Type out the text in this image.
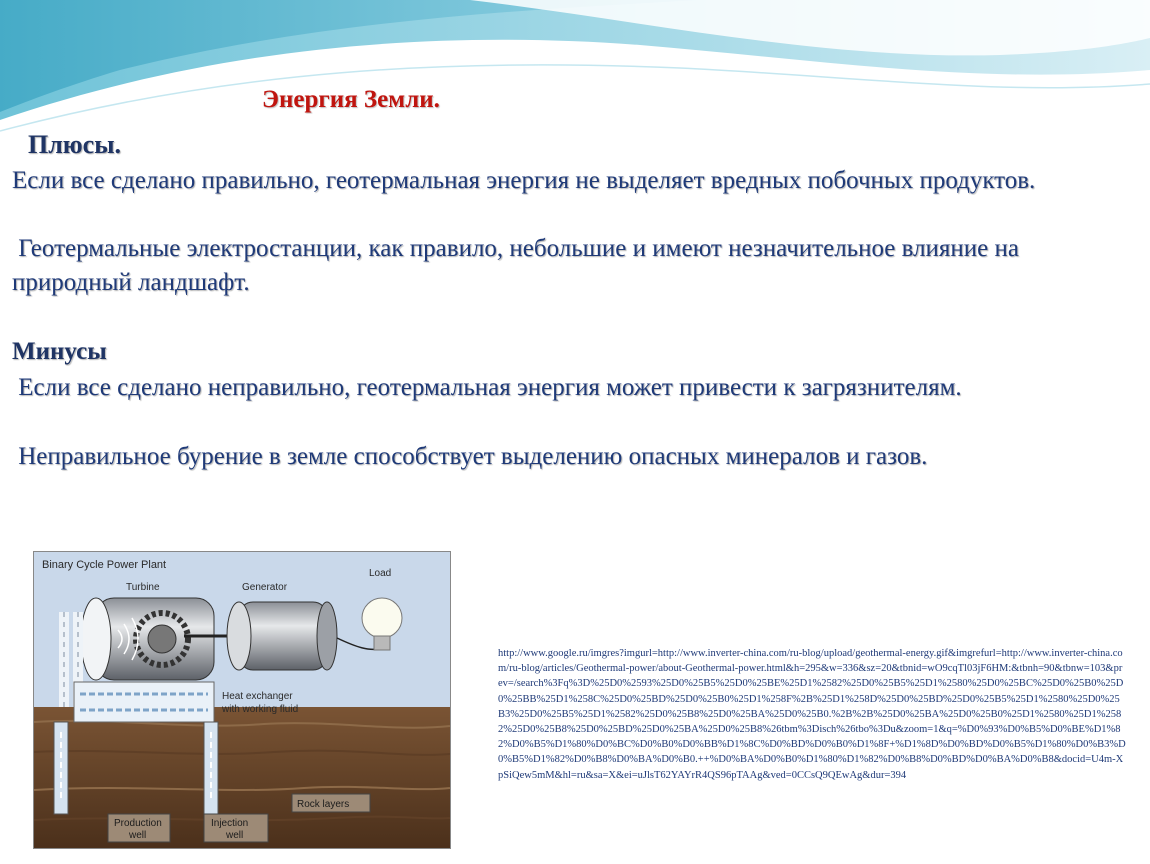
Энергия Земли.
Плюсы.

Если все сделано правильно, геотермальная энергия не выделяет вредных побочных продуктов.

Геотермальные электростанции, как правило, небольшие и имеют незначительное влияние на природный ландшафт.

Минусы

Если все сделано неправильно, геотермальная энергия может привести к загрязнителям.

Неправильное бурение в земле способствует выделению опасных минералов и газов.

Binary Cycle Power Plant
Turbine	Generator
Load
Heat exchanger
with working fluid
Rock layers
Production
well
Injection
well

http://www.google.ru/imgres?imgurl=http://www.inverter-china.com/ru-blog/upload/geothermal-energy.gif&imgrefurl=http://www.inverter-china.com/ru-blog/articles/Geothermal-power/about-Geothermal-power.html&h=295&w=336&sz=20&tbnid=wO9cqTl03jF6HM:&tbnh=90&tbnw=103&prev=/search%3Fq%3D%25D0%2593%25D0%25B5%25D0%25BE%25D1%2582%25D0%25B5%25D1%2580%25D0%25BC%25D0%25B0%25D0%25BB%25D1%258C%25D0%25BD%25D0%25B0%25D1%258F%2B%25D1%258D%25D0%25BD%25D0%25B5%25D1%2580%25D0%25B3%25D0%25B5%25D1%2582%25D0%25B8%25D0%25BA%25D0%25B0.%2B%2B%25D0%25BA%25D0%25B0%25D1%2580%25D1%2582%25D0%25B8%25D0%25BD%25D0%25BA%25D0%25B8%26tbm%3Disch%26tbo%3Du&zoom=1&q=%D0%93%D0%B5%D0%BE%D1%82%D0%B5%D1%80%D0%BC%D0%B0%D0%BB%D1%8C%D0%BD%D0%B0%D1%8F+%D1%8D%D0%BD%D0%B5%D1%80%D0%B3%D0%B5%D1%82%D0%B8%D0%BA%D0%B0.++%D0%BA%D0%B0%D1%80%D1%82%D0%B8%D0%BD%D0%BA%D0%B8&docid=U4m-XpSiQew5mM&hl=ru&sa=X&ei=uJlsT62YAYrR4QS96pTAAg&ved=0CCsQ9QEwAg&dur=394
